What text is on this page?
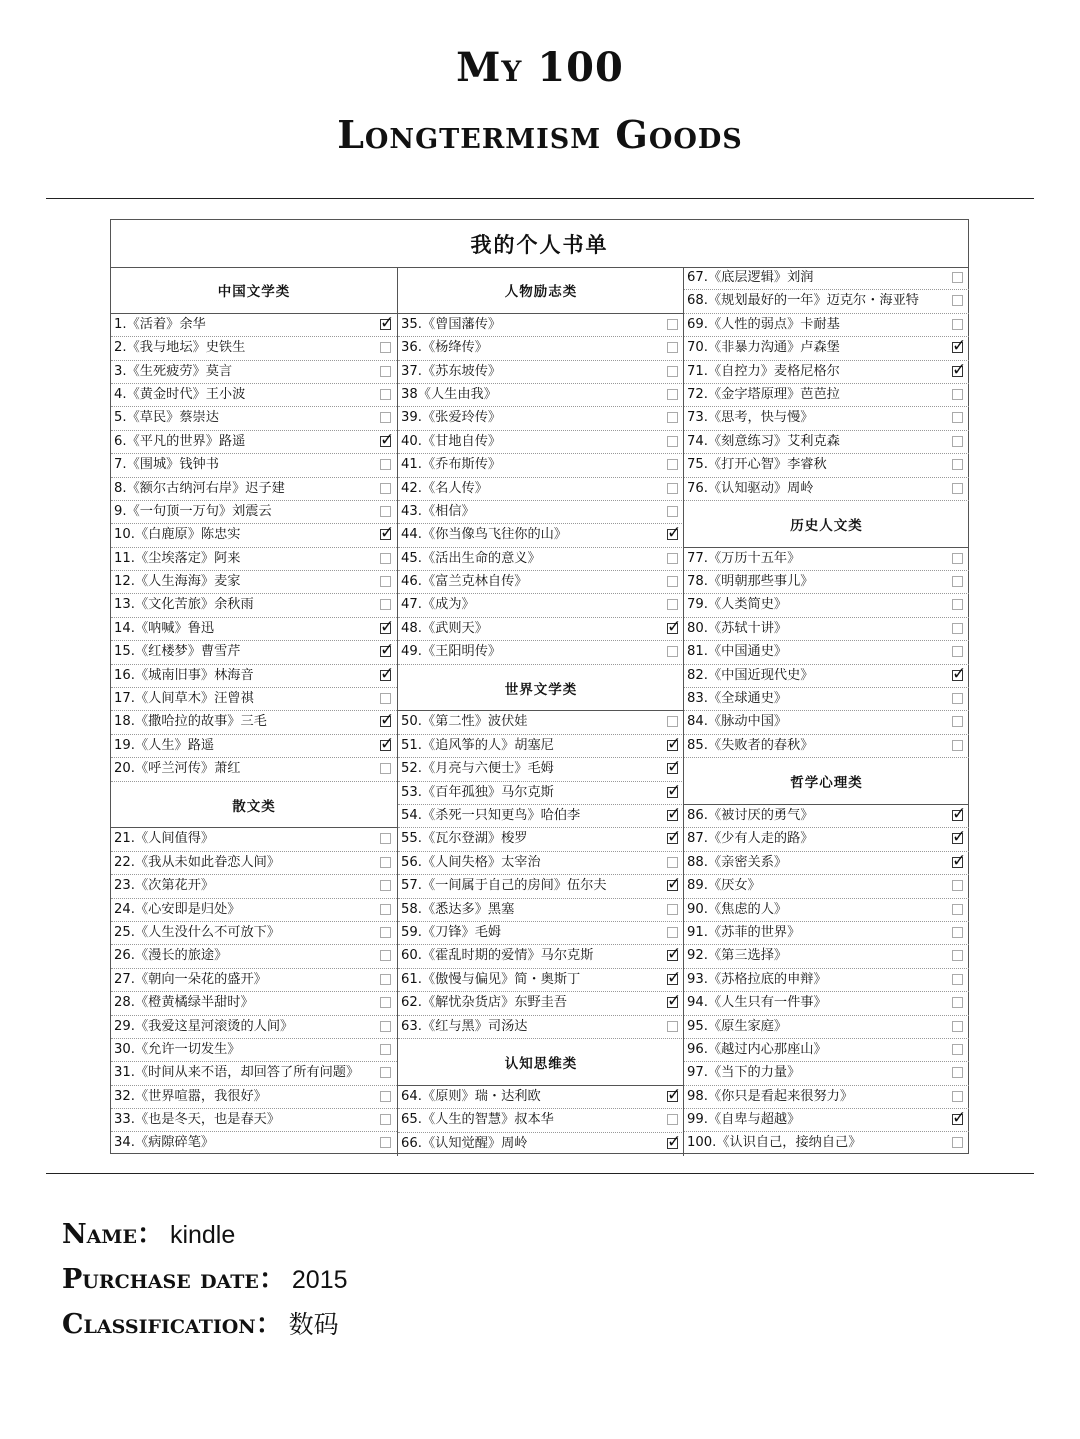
My 100
Longtermism Goods
我的个人书单
中国文学类
1.《活着》余华
✓
2.《我与地坛》史铁生
3.《生死疲劳》莫言
4.《黄金时代》王小波
5.《草民》蔡崇达
6.《平凡的世界》路遥
✓
7.《围城》钱钟书
8.《额尔古纳河右岸》迟子建
9.《一句顶一万句》刘震云
10.《白鹿原》陈忠实
✓
11.《尘埃落定》阿来
12.《人生海海》麦家
13.《文化苦旅》余秋雨
14.《呐喊》鲁迅
✓
15.《红楼梦》曹雪芹
✓
16.《城南旧事》林海音
✓
17.《人间草木》汪曾祺
18.《撒哈拉的故事》三毛
✓
19.《人生》路遥
✓
20.《呼兰河传》萧红
散文类
21.《人间值得》
22.《我从未如此眷恋人间》
23.《次第花开》
24.《心安即是归处》
25.《人生没什么不可放下》
26.《漫长的旅途》
27.《朝向一朵花的盛开》
28.《橙黄橘绿半甜时》
29.《我爱这星河滚烫的人间》
30.《允许一切发生》
31.《时间从来不语，却回答了所有问题》
32.《世界喧嚣，我很好》
33.《也是冬天，也是春天》
34.《病隙碎笔》
人物励志类
35.《曾国藩传》
36.《杨绛传》
37.《苏东坡传》
38《人生由我》
39.《张爱玲传》
40.《甘地自传》
41.《乔布斯传》
42.《名人传》
43.《相信》
44.《你当像鸟飞往你的山》
✓
45.《活出生命的意义》
46.《富兰克林自传》
47.《成为》
48.《武则天》
✓
49.《王阳明传》
世界文学类
50.《第二性》波伏娃
51.《追风筝的人》胡塞尼
✓
52.《月亮与六便士》毛姆
✓
53.《百年孤独》马尔克斯
✓
54.《杀死一只知更鸟》哈伯李
✓
55.《瓦尔登湖》梭罗
✓
56.《人间失格》太宰治
57.《一间属于自己的房间》伍尔夫
✓
58.《悉达多》黑塞
59.《刀锋》毛姆
60.《霍乱时期的爱情》马尔克斯
✓
61.《傲慢与偏见》简・奥斯丁
✓
62.《解忧杂货店》东野圭吾
✓
63.《红与黑》司汤达
认知思维类
64.《原则》瑞・达利欧
✓
65.《人生的智慧》叔本华
66.《认知觉醒》周岭
✓
67.《底层逻辑》刘润
68.《规划最好的一年》迈克尔・海亚特
69.《人性的弱点》卡耐基
70.《非暴力沟通》卢森堡
✓
71.《自控力》麦格尼格尔
✓
72.《金字塔原理》芭芭拉
73.《思考，快与慢》
74.《刻意练习》艾利克森
75.《打开心智》李睿秋
76.《认知驱动》周岭
历史人文类
77.《万历十五年》
78.《明朝那些事儿》
79.《人类简史》
80.《苏轼十讲》
81.《中国通史》
82.《中国近现代史》
✓
83.《全球通史》
84.《脉动中国》
85.《失败者的春秋》
哲学心理类
86.《被讨厌的勇气》
✓
87.《少有人走的路》
✓
88.《亲密关系》
✓
89.《厌女》
90.《焦虑的人》
91.《苏菲的世界》
92.《第三选择》
93.《苏格拉底的申辩》
94.《人生只有一件事》
95.《原生家庭》
96.《越过内心那座山》
97.《当下的力量》
98.《你只是看起来很努力》
99.《自卑与超越》
✓
100.《认识自己，接纳自己》
Name： kindle
Purchase date： 2015
Classification： 数码
